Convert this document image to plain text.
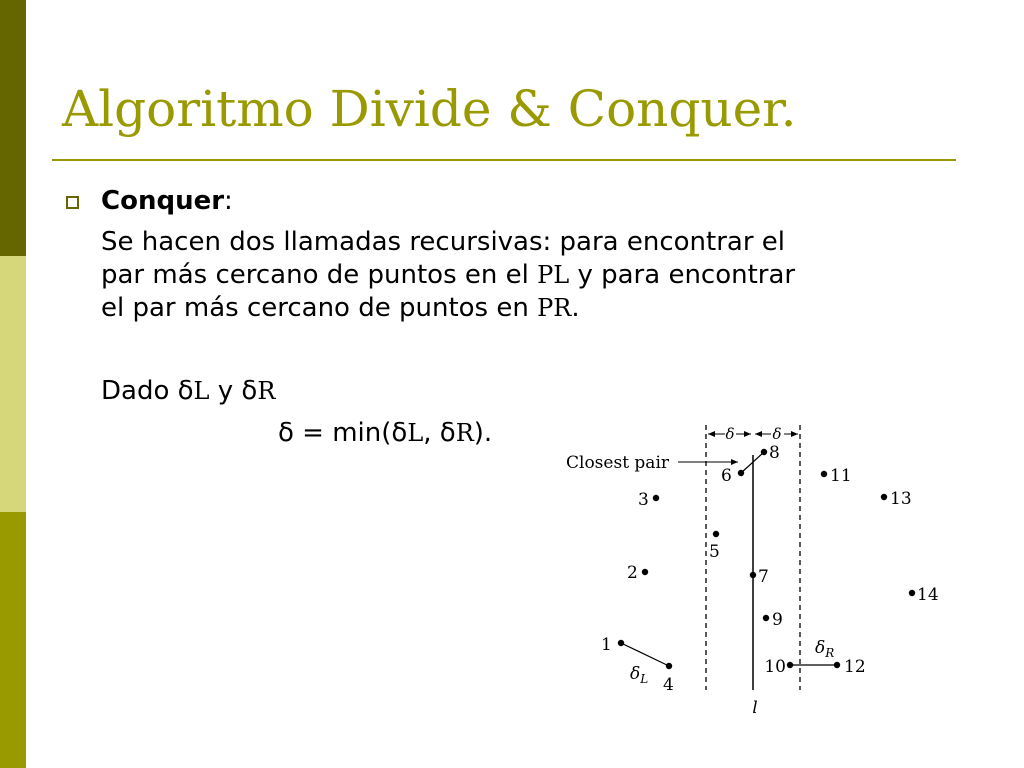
Algoritmo Divide & Conquer.
Conquer:

Se hacen dos llamadas recursivas: para encontrar el

par más cercano de puntos en el PL y para encontrar

el par más cercano de puntos en PR.

Dado δL y δR
δ = min(δL, δR).	δ	δ
Closest pair
$\delta_L$
$\delta_R$
l
1
2
3
4
5
6
7
8
9
10
11
12
13
14
